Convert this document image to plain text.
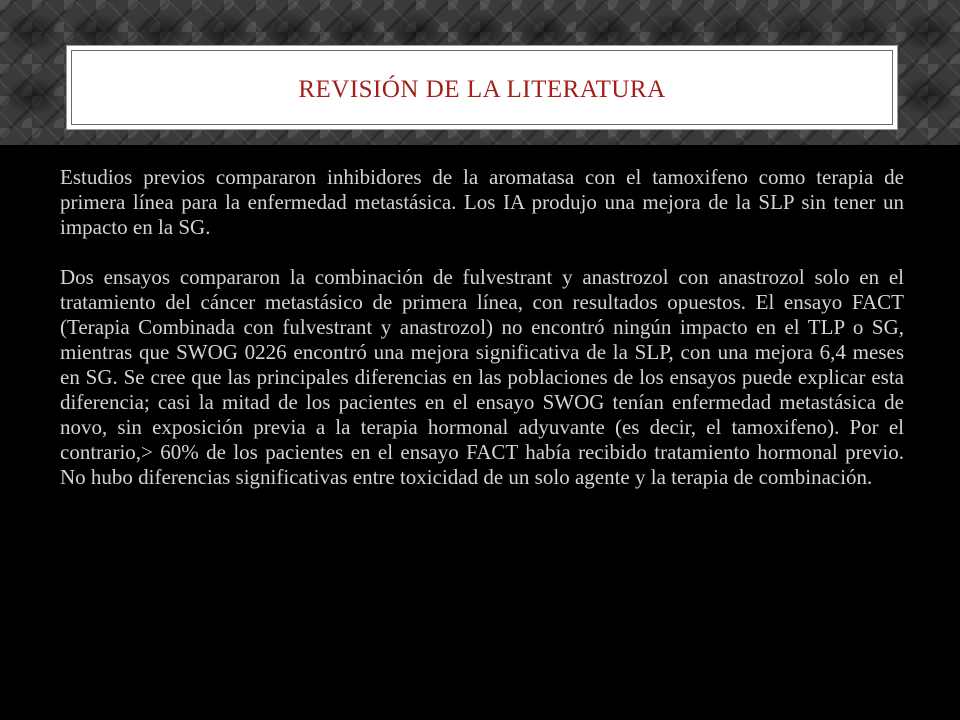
REVISIÓN DE LA LITERATURA

Estudios previos compararon inhibidores de la aromatasa con el tamoxifeno como terapia de primera línea para la enfermedad metastásica. Los IA produjo una mejora de la SLP sin tener un impacto en la SG.

Dos ensayos compararon la combinación de fulvestrant y anastrozol con anastrozol solo en el tratamiento del cáncer metastásico de primera línea, con resultados opuestos. El ensayo FACT (Terapia Combinada con fulvestrant y anastrozol) no encontró ningún impacto en el TLP o SG, mientras que SWOG 0226 encontró una mejora significativa de la SLP, con una mejora 6,4 meses en SG. Se cree que las principales diferencias en las poblaciones de los ensayos puede explicar esta diferencia; casi la mitad de los pacientes en el ensayo SWOG tenían enfermedad metastásica de novo, sin exposición previa a la terapia hormonal adyuvante (es decir, el tamoxifeno). Por el contrario,> 60% de los pacientes en el ensayo FACT había recibido tratamiento hormonal previo. No hubo diferencias significativas entre toxicidad de un solo agente y la terapia de combinación.
